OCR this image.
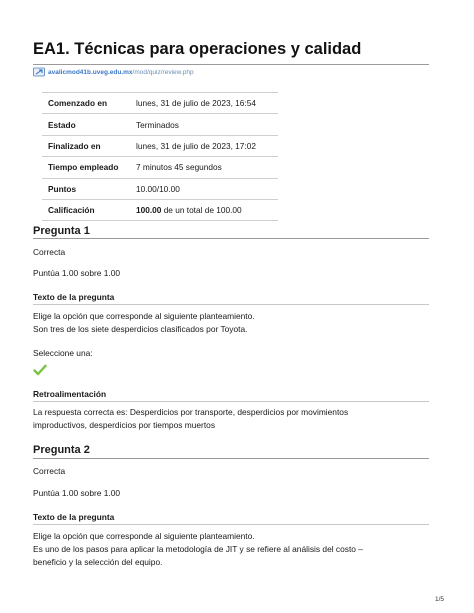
EA1. Técnicas para operaciones y calidad
avalicmod41b.uveg.edu.mx /mod/quiz/review.php
Comenzado en	lunes, 31 de julio de 2023, 16:54
Estado	Terminados
Finalizado en	lunes, 31 de julio de 2023, 17:02
Tiempo empleado	7 minutos 45 segundos
Puntos	10.00/10.00
Calificación	100.00 de un total de 100.00
Pregunta 1
Correcta
Puntúa 1.00 sobre 1.00
Texto de la pregunta
Elige la opción que corresponde al siguiente planteamiento.
Son tres de los siete desperdicios clasificados por Toyota.
Seleccione una:
Retroalimentación
La respuesta correcta es: Desperdicios por transporte, desperdicios por movimientos
improductivos, desperdicios por tiempos muertos
Pregunta 2
Correcta
Puntúa 1.00 sobre 1.00
Texto de la pregunta
Elige la opción que corresponde al siguiente planteamiento.
Es uno de los pasos para aplicar la metodología de JIT y se refiere al análisis del costo –
beneficio y la selección del equipo.
1/5
